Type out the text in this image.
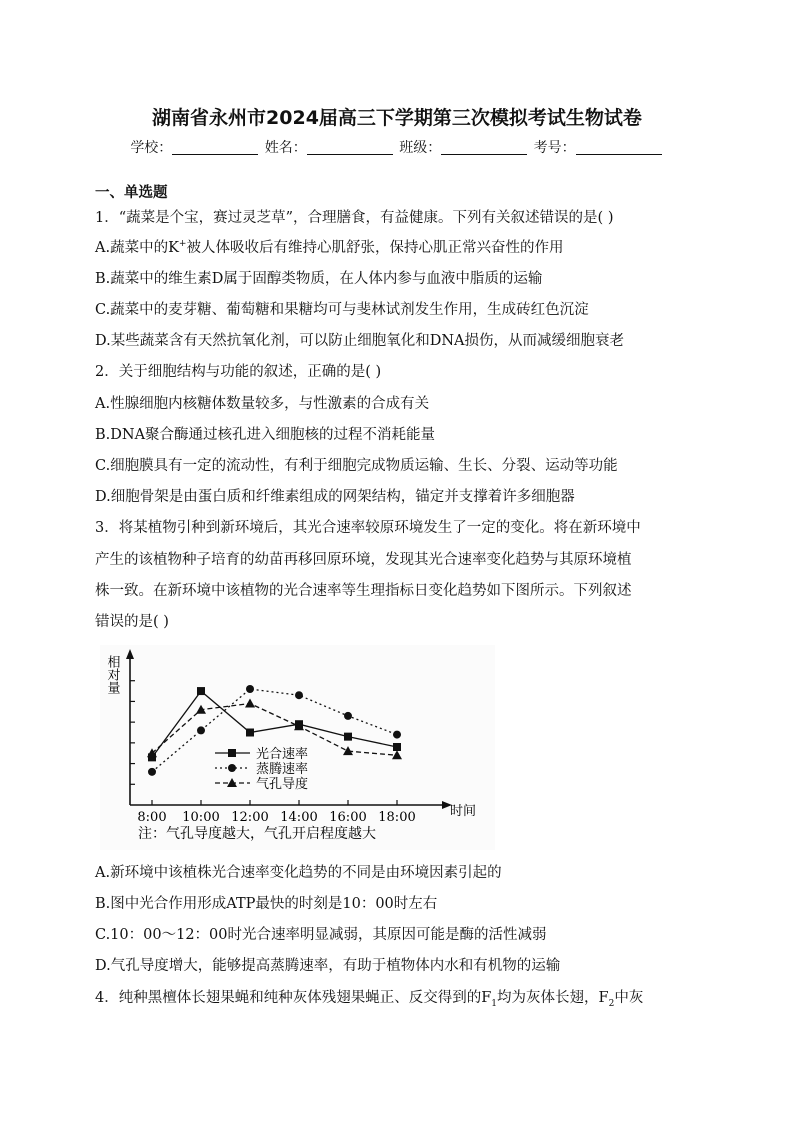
湖南省永州市2024届高三下学期第三次模拟考试生物试卷
学校：	姓名：	班级：	考号：
一、单选题
1．“蔬菜是个宝，赛过灵芝草”，合理膳食，有益健康。下列有关叙述错误的是( )
A.蔬菜中的K+被人体吸收后有维持心肌舒张，保持心肌正常兴奋性的作用
B.蔬菜中的维生素D属于固醇类物质，在人体内参与血液中脂质的运输
C.蔬菜中的麦芽糖、葡萄糖和果糖均可与斐林试剂发生作用，生成砖红色沉淀
D.某些蔬菜含有天然抗氧化剂，可以防止细胞氧化和DNA损伤，从而减缓细胞衰老
2．关于细胞结构与功能的叙述，正确的是( )
A.性腺细胞内核糖体数量较多，与性激素的合成有关
B.DNA聚合酶通过核孔进入细胞核的过程不消耗能量
C.细胞膜具有一定的流动性，有利于细胞完成物质运输、生长、分裂、运动等功能
D.细胞骨架是由蛋白质和纤维素组成的网架结构，锚定并支撑着许多细胞器
3．将某植物引种到新环境后，其光合速率较原环境发生了一定的变化。将在新环境中
产生的该植物种子培育的幼苗再移回原环境，发现其光合速率变化趋势与其原环境植
株一致。在新环境中该植物的光合速率等生理指标日变化趋势如下图所示。下列叙述
错误的是( )
相对量
时间
8:00 10:00 12:00 14:00 16:00 18:00
光合速率
蒸腾速率
气孔导度
注：气孔导度越大，气孔开启程度越大
A.新环境中该植株光合速率变化趋势的不同是由环境因素引起的
B.图中光合作用形成ATP最快的时刻是10：00时左右
C.10：00～12：00时光合速率明显减弱，其原因可能是酶的活性减弱
D.气孔导度增大，能够提高蒸腾速率，有助于植物体内水和有机物的运输
4．纯种黑檀体长翅果蝇和纯种灰体残翅果蝇正、反交得到的$F_1$均为灰体长翅，$F_2$中灰
